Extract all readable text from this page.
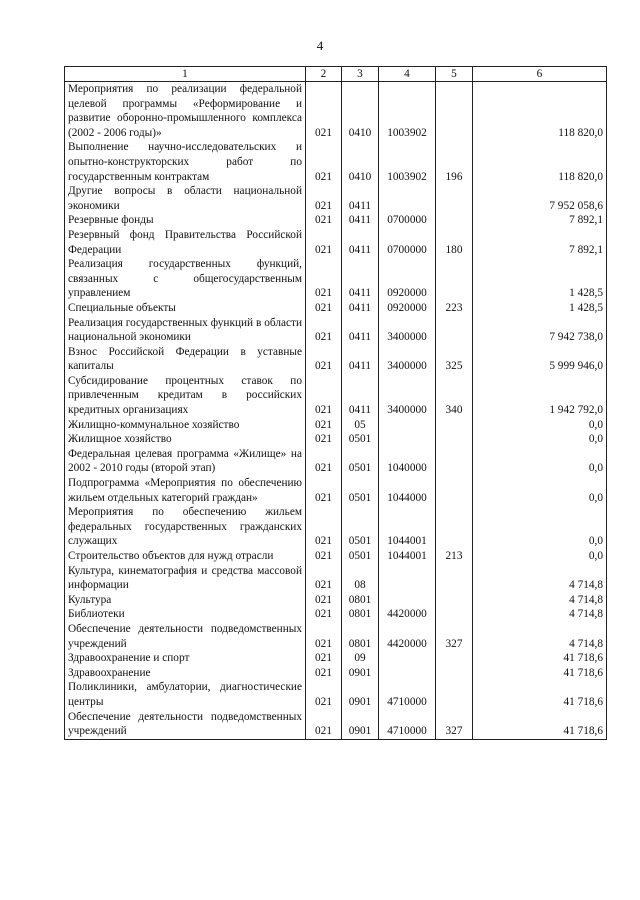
4
1	2	3	4	5	6
Мероприятия по реализации федеральной целевой программы «Реформирование и развитие оборонно-промышленного комплекса (2002 - 2006 годы)»	021	0410	1003902		118 820,0
Выполнение научно-исследовательских и опытно-конструкторских работ по государственным контрактам	021	0410	1003902	196	118 820,0
Другие вопросы в области национальной экономики	021	0411			7 952 058,6
Резервные фонды	021	0411	0700000		7 892,1
Резервный фонд Правительства Российской Федерации	021	0411	0700000	180	7 892,1
Реализация государственных функций, связанных с общегосударственным управлением	021	0411	0920000		1 428,5
Специальные объекты	021	0411	0920000	223	1 428,5
Реализация государственных функций в области национальной экономики	021	0411	3400000		7 942 738,0
Взнос Российской Федерации в уставные капиталы	021	0411	3400000	325	5 999 946,0
Субсидирование процентных ставок по привлеченным кредитам в российских кредитных организациях	021	0411	3400000	340	1 942 792,0
Жилищно-коммунальное хозяйство	021	05			0,0
Жилищное хозяйство	021	0501			0,0
Федеральная целевая программа «Жилище» на 2002 - 2010 годы (второй этап)	021	0501	1040000		0,0
Подпрограмма «Мероприятия по обеспечению жильем отдельных категорий граждан»	021	0501	1044000		0,0
Мероприятия по обеспечению жильем федеральных государственных гражданских служащих	021	0501	1044001		0,0
Строительство объектов для нужд отрасли	021	0501	1044001	213	0,0
Культура, кинематография и средства массовой информации	021	08			4 714,8
Культура	021	0801			4 714,8
Библиотеки	021	0801	4420000		4 714,8
Обеспечение деятельности подведомственных учреждений	021	0801	4420000	327	4 714,8
Здравоохранение и спорт	021	09			41 718,6
Здравоохранение	021	0901			41 718,6
Поликлиники, амбулатории, диагностические центры	021	0901	4710000		41 718,6
Обеспечение деятельности подведомственных учреждений	021	0901	4710000	327	41 718,6
